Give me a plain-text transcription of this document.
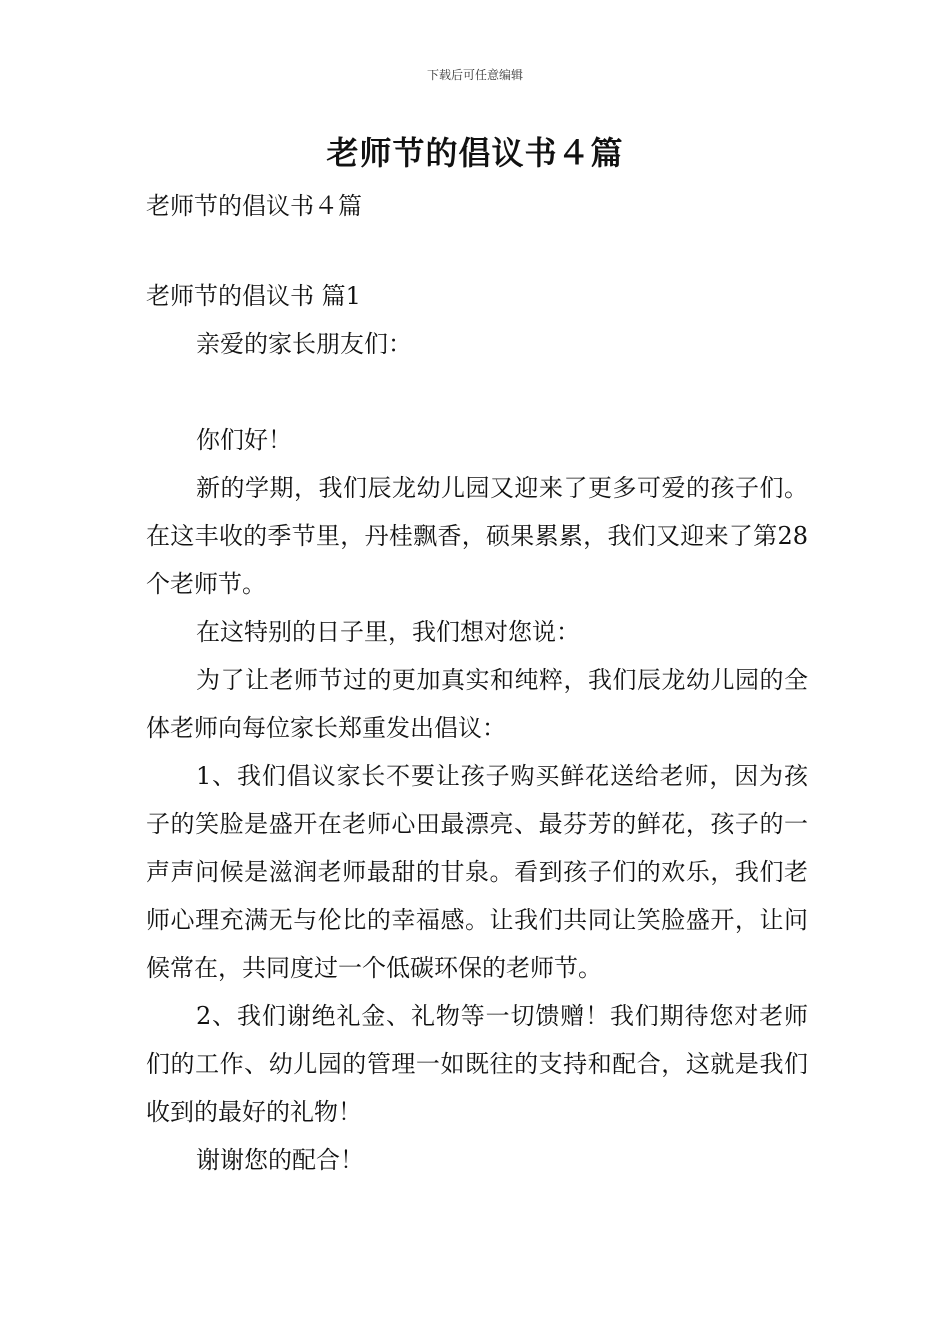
下载后可任意编辑
老师节的倡议书４篇

老师节的倡议书４篇

老师节的倡议书 篇1

亲爱的家长朋友们：

你们好！

新的学期，我们辰龙幼儿园又迎来了更多可爱的孩子们。在这丰收的季节里，丹桂飘香，硕果累累，我们又迎来了第28个老师节。

在这特别的日子里，我们想对您说：

为了让老师节过的更加真实和纯粹，我们辰龙幼儿园的全体老师向每位家长郑重发出倡议：

1、我们倡议家长不要让孩子购买鲜花送给老师，因为孩子的笑脸是盛开在老师心田最漂亮、最芬芳的鲜花，孩子的一声声问候是滋润老师最甜的甘泉。看到孩子们的欢乐，我们老师心理充满无与伦比的幸福感。让我们共同让笑脸盛开，让问候常在，共同度过一个低碳环保的老师节。

2、我们谢绝礼金、礼物等一切馈赠！我们期待您对老师们的工作、幼儿园的管理一如既往的支持和配合，这就是我们收到的最好的礼物！

谢谢您的配合！
